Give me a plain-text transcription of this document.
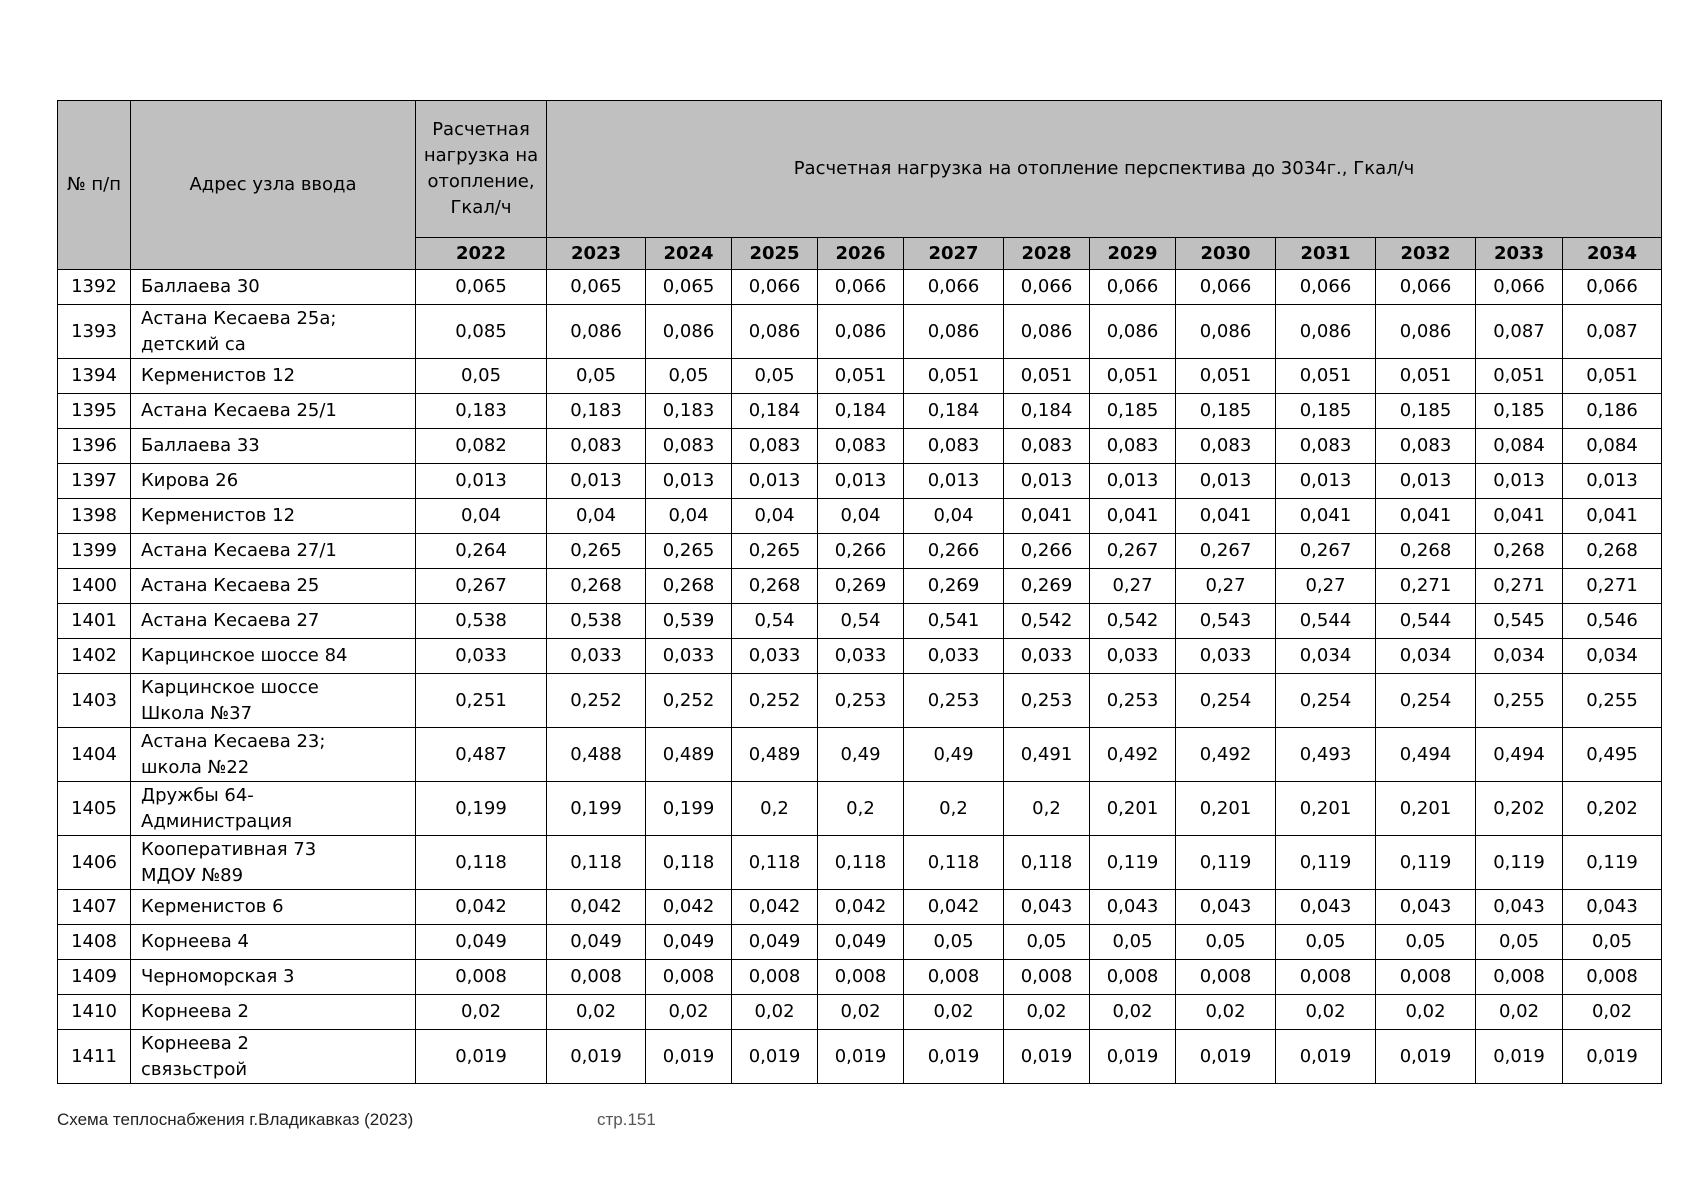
№ п/п	Адрес узла ввода	Расчетная нагрузка на отопление, Гкал/ч	Расчетная нагрузка на отопление перспектива до 3034г., Гкал/ч											
		2022	2023	2024	2025	2026	2027	2028	2029	2030	2031	2032	2033	2034
1392	Баллаева 30	0,065	0,065	0,065	0,066	0,066	0,066	0,066	0,066	0,066	0,066	0,066	0,066	0,066
1393	Астана Кесаева 25а;
детский са	0,085	0,086	0,086	0,086	0,086	0,086	0,086	0,086	0,086	0,086	0,086	0,087	0,087
1394	Керменистов 12	0,05	0,05	0,05	0,05	0,051	0,051	0,051	0,051	0,051	0,051	0,051	0,051	0,051
1395	Астана Кесаева 25/1	0,183	0,183	0,183	0,184	0,184	0,184	0,184	0,185	0,185	0,185	0,185	0,185	0,186
1396	Баллаева 33	0,082	0,083	0,083	0,083	0,083	0,083	0,083	0,083	0,083	0,083	0,083	0,084	0,084
1397	Кирова 26	0,013	0,013	0,013	0,013	0,013	0,013	0,013	0,013	0,013	0,013	0,013	0,013	0,013
1398	Керменистов 12	0,04	0,04	0,04	0,04	0,04	0,04	0,041	0,041	0,041	0,041	0,041	0,041	0,041
1399	Астана Кесаева 27/1	0,264	0,265	0,265	0,265	0,266	0,266	0,266	0,267	0,267	0,267	0,268	0,268	0,268
1400	Астана Кесаева 25	0,267	0,268	0,268	0,268	0,269	0,269	0,269	0,27	0,27	0,27	0,271	0,271	0,271
1401	Астана Кесаева 27	0,538	0,538	0,539	0,54	0,54	0,541	0,542	0,542	0,543	0,544	0,544	0,545	0,546
1402	Карцинское шоссе 84	0,033	0,033	0,033	0,033	0,033	0,033	0,033	0,033	0,033	0,034	0,034	0,034	0,034
1403	Карцинское шоссе
Школа №37	0,251	0,252	0,252	0,252	0,253	0,253	0,253	0,253	0,254	0,254	0,254	0,255	0,255
1404	Астана Кесаева 23;
школа №22	0,487	0,488	0,489	0,489	0,49	0,49	0,491	0,492	0,492	0,493	0,494	0,494	0,495
1405	Дружбы 64-
Администрация	0,199	0,199	0,199	0,2	0,2	0,2	0,2	0,201	0,201	0,201	0,201	0,202	0,202
1406	Кооперативная 73
МДОУ №89	0,118	0,118	0,118	0,118	0,118	0,118	0,118	0,119	0,119	0,119	0,119	0,119	0,119
1407	Керменистов 6	0,042	0,042	0,042	0,042	0,042	0,042	0,043	0,043	0,043	0,043	0,043	0,043	0,043
1408	Корнеева 4	0,049	0,049	0,049	0,049	0,049	0,05	0,05	0,05	0,05	0,05	0,05	0,05	0,05
1409	Черноморская 3	0,008	0,008	0,008	0,008	0,008	0,008	0,008	0,008	0,008	0,008	0,008	0,008	0,008
1410	Корнеева 2	0,02	0,02	0,02	0,02	0,02	0,02	0,02	0,02	0,02	0,02	0,02	0,02	0,02
1411	Корнеева 2
связьстрой	0,019	0,019	0,019	0,019	0,019	0,019	0,019	0,019	0,019	0,019	0,019	0,019	0,019
Схема теплоснабжения г.Владикавказ (2023)	стр.151
